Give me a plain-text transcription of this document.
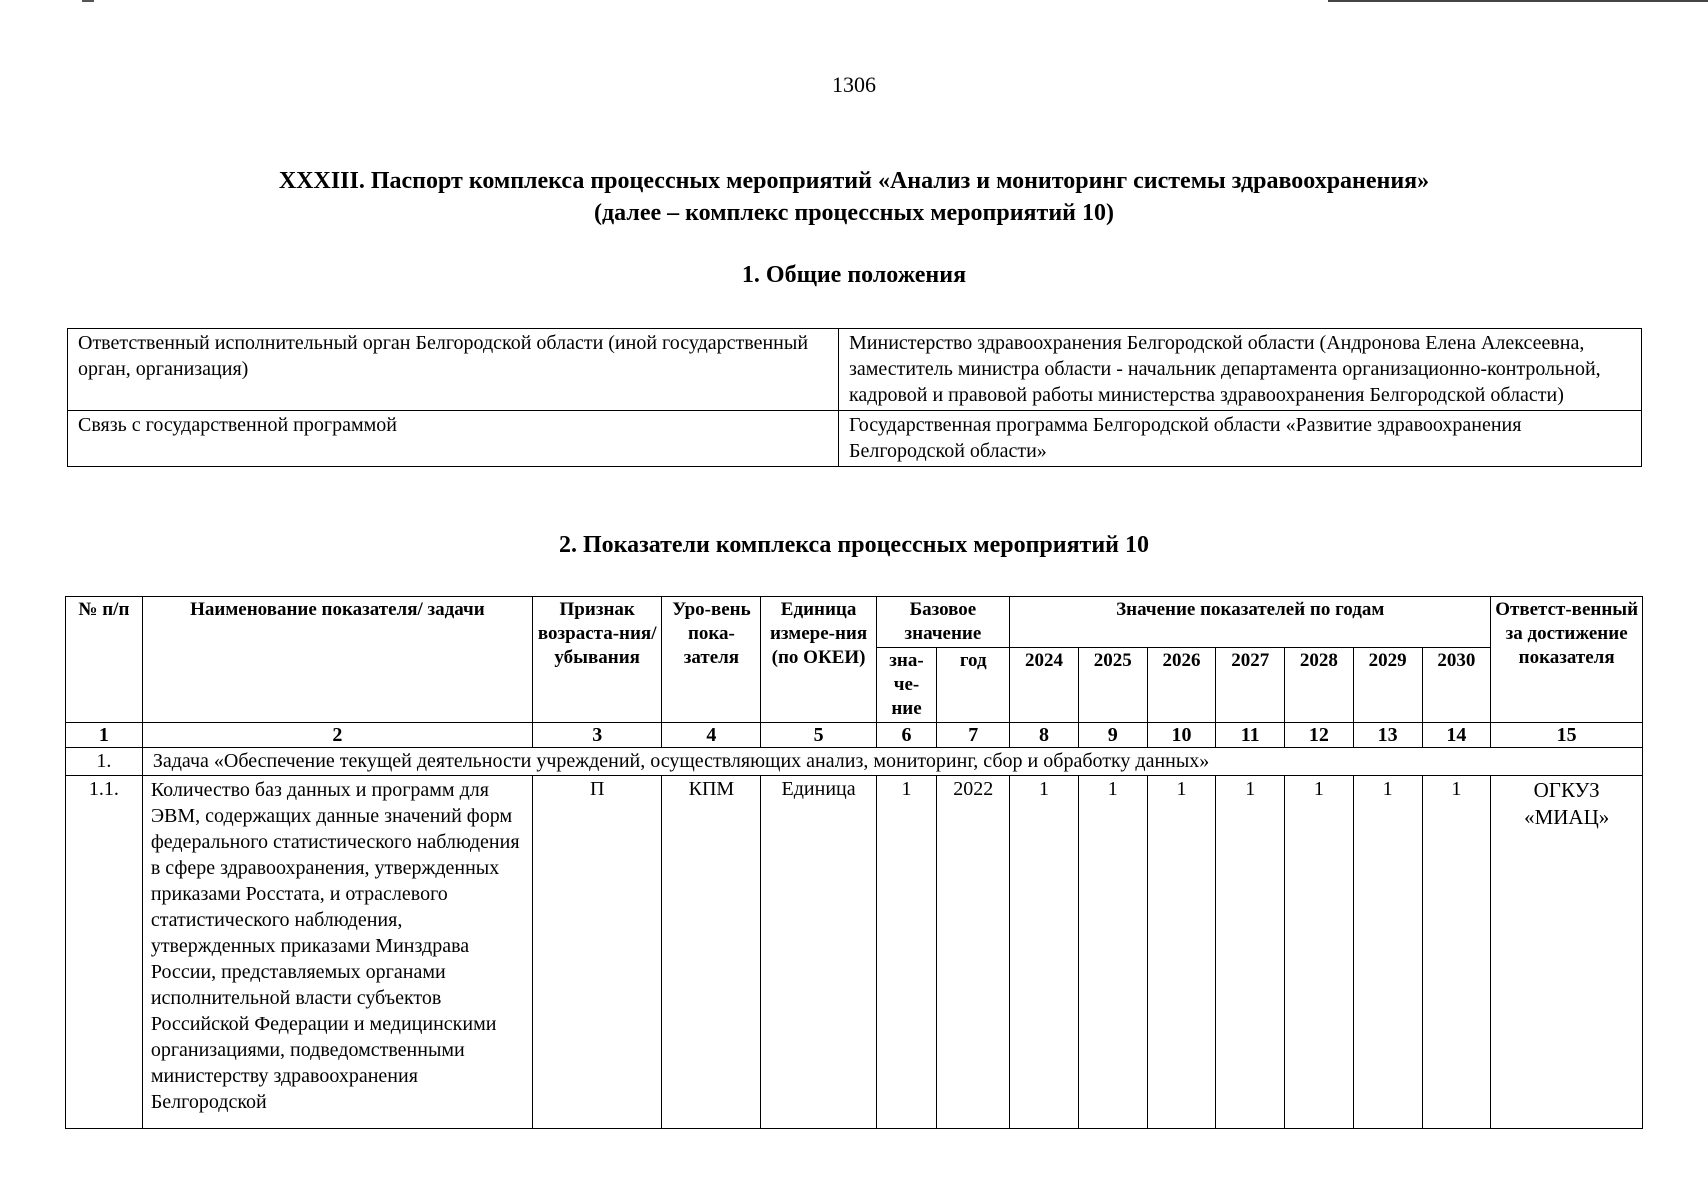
1306
XXXIII. Паспорт комплекса процессных мероприятий «Анализ и мониторинг системы здравоохранения»
(далее – комплекс процессных мероприятий 10)
1. Общие положения
Ответственный исполнительный орган Белгородской области (иной государственный орган, организация)	Министерство здравоохранения Белгородской области (Андронова Елена Алексеевна, заместитель министра области - начальник департамента организационно-контрольной, кадровой и правовой работы министерства здравоохранения Белгородской области)
Связь с государственной программой	Государственная программа Белгородской области «Развитие здравоохранения Белгородской области»
2. Показатели комплекса процессных мероприятий 10
№ п/п	Наименование показателя/ задачи	Признак возраста-ния/ убывания	Уро-вень пока-зателя	Единица измере-ния (по ОКЕИ)	Базовое значение		Значение показателей по годам							Ответст-венный за достижение показателя
					зна-че-ние	год	2024	2025	2026	2027	2028	2029	2030	
1	2	3	4	5	6	7	8	9	10	11	12	13	14	15
1.	Задача «Обеспечение текущей деятельности учреждений, осуществляющих анализ, мониторинг, сбор и обработку данных»													
1.1.	Количество баз данных и программ для ЭВМ, содержащих данные значений форм федерального статистического наблюдения в сфере здравоохранения, утвержденных приказами Росстата, и отраслевого статистического наблюдения, утвержденных приказами Минздрава России, представляемых органами исполнительной власти субъектов Российской Федерации и медицинскими организациями, подведомственными министерству здравоохранения Белгородской	П	КПМ	Единица	1	2022	1	1	1	1	1	1	1	ОГКУЗ «МИАЦ»
